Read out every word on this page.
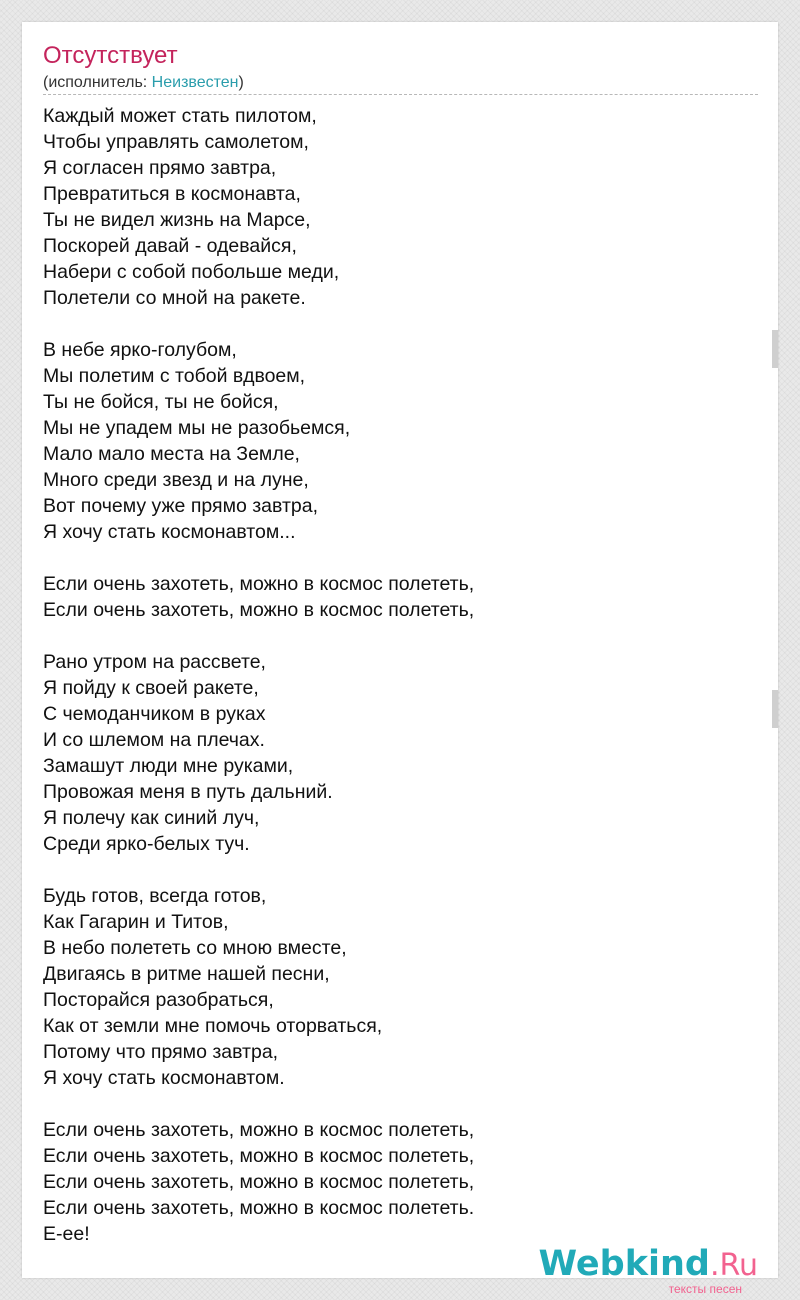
Отсутствует
(исполнитель: Неизвестен)
Каждый может стать пилотом,
Чтобы управлять самолетом,
Я согласен прямо завтра,
Превратиться в космонавта,
Ты не видел жизнь на Марсе,
Поскорей давай - одевайся,
Набери с собой побольше меди,
Полетели со мной на ракете.
В небе ярко-голубом,
Мы полетим с тобой вдвоем,
Ты не бойся, ты не бойся,
Мы не упадем мы не разобьемся,
Мало мало места на Земле,
Много среди звезд и на луне,
Вот почему уже прямо завтра,
Я хочу стать космонавтом...
Если очень захотеть, можно в космос полететь,
Если очень захотеть, можно в космос полететь,
Рано утром на рассвете,
Я пойду к своей ракете,
С чемоданчиком в руках
И со шлемом на плечах.
Замашут люди мне руками,
Провожая меня в путь дальний.
Я полечу как синий луч,
Среди ярко-белых туч.
Будь готов, всегда готов,
Как Гагарин и Титов,
В небо полететь со мною вместе,
Двигаясь в ритме нашей песни,
Посторайся разобраться,
Как от земли мне помочь оторваться,
Потому что прямо завтра,
Я хочу стать космонавтом.
Если очень захотеть, можно в космос полететь,
Если очень захотеть, можно в космос полететь,
Если очень захотеть, можно в космос полететь,
Если очень захотеть, можно в космос полететь.
Е-ее!
Webkind.Ru
тексты песен
